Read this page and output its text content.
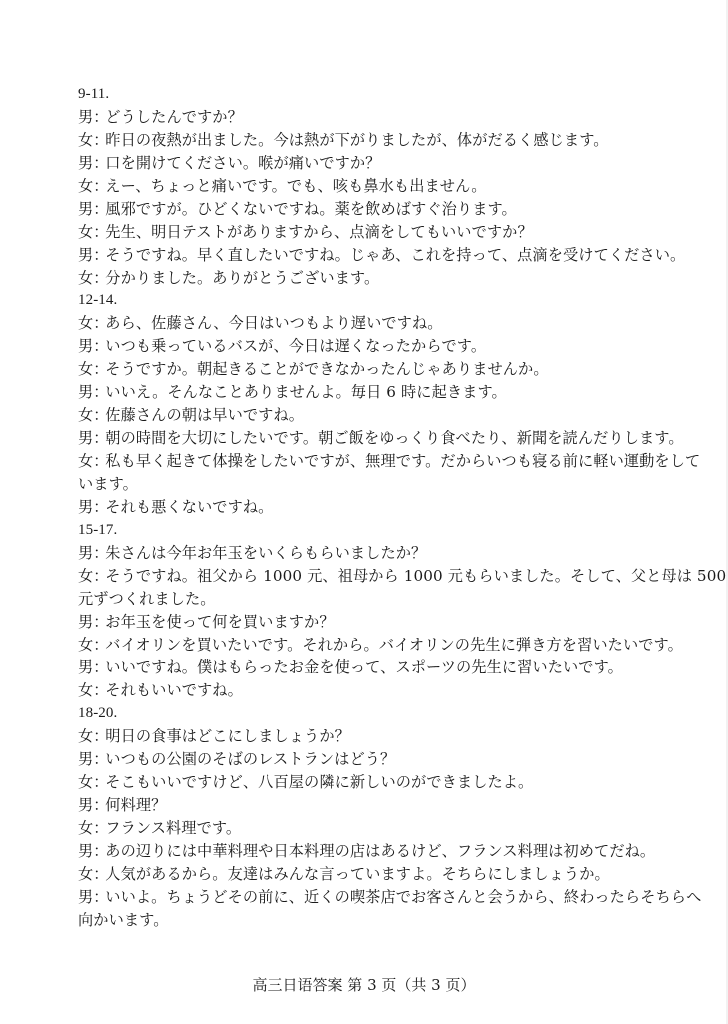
9-11.
男：どうしたんですか？
女：昨日の夜熱が出ました。今は熱が下がりましたが、体がだるく感じます。
男：口を開けてください。喉が痛いですか？
女：えー、ちょっと痛いです。でも、咳も鼻水も出ません。
男：風邪ですが。ひどくないですね。薬を飲めばすぐ治ります。
女：先生、明日テストがありますから、点滴をしてもいいですか？
男：そうですね。早く直したいですね。じゃあ、これを持って、点滴を受けてください。
女：分かりました。ありがとうございます。
12-14.
女：あら、佐藤さん、今日はいつもより遅いですね。
男：いつも乗っているバスが、今日は遅くなったからです。
女：そうですか。朝起きることができなかったんじゃありませんか。
男：いいえ。そんなことありませんよ。毎日 6 時に起きます。
女：佐藤さんの朝は早いですね。
男：朝の時間を大切にしたいです。朝ご飯をゆっくり食べたり、新聞を読んだりします。
女：私も早く起きて体操をしたいですが、無理です。だからいつも寝る前に軽い運動をして
います。
男：それも悪くないですね。
15-17.
男：朱さんは今年お年玉をいくらもらいましたか？
女：そうですね。祖父から 1000 元、祖母から 1000 元もらいました。そして、父と母は 500
元ずつくれました。
男：お年玉を使って何を買いますか？
女：バイオリンを買いたいです。それから。バイオリンの先生に弾き方を習いたいです。
男：いいですね。僕はもらったお金を使って、スポーツの先生に習いたいです。
女：それもいいですね。
18-20.
女：明日の食事はどこにしましょうか？
男：いつもの公園のそばのレストランはどう？
女：そこもいいですけど、八百屋の隣に新しいのができましたよ。
男：何料理？
女：フランス料理です。
男：あの辺りには中華料理や日本料理の店はあるけど、フランス料理は初めてだね。
女：人気があるから。友達はみんな言っていますよ。そちらにしましょうか。
男：いいよ。ちょうどその前に、近くの喫茶店でお客さんと会うから、終わったらそちらへ
向かいます。
高三日语答案 第 3 页（共 3 页）
